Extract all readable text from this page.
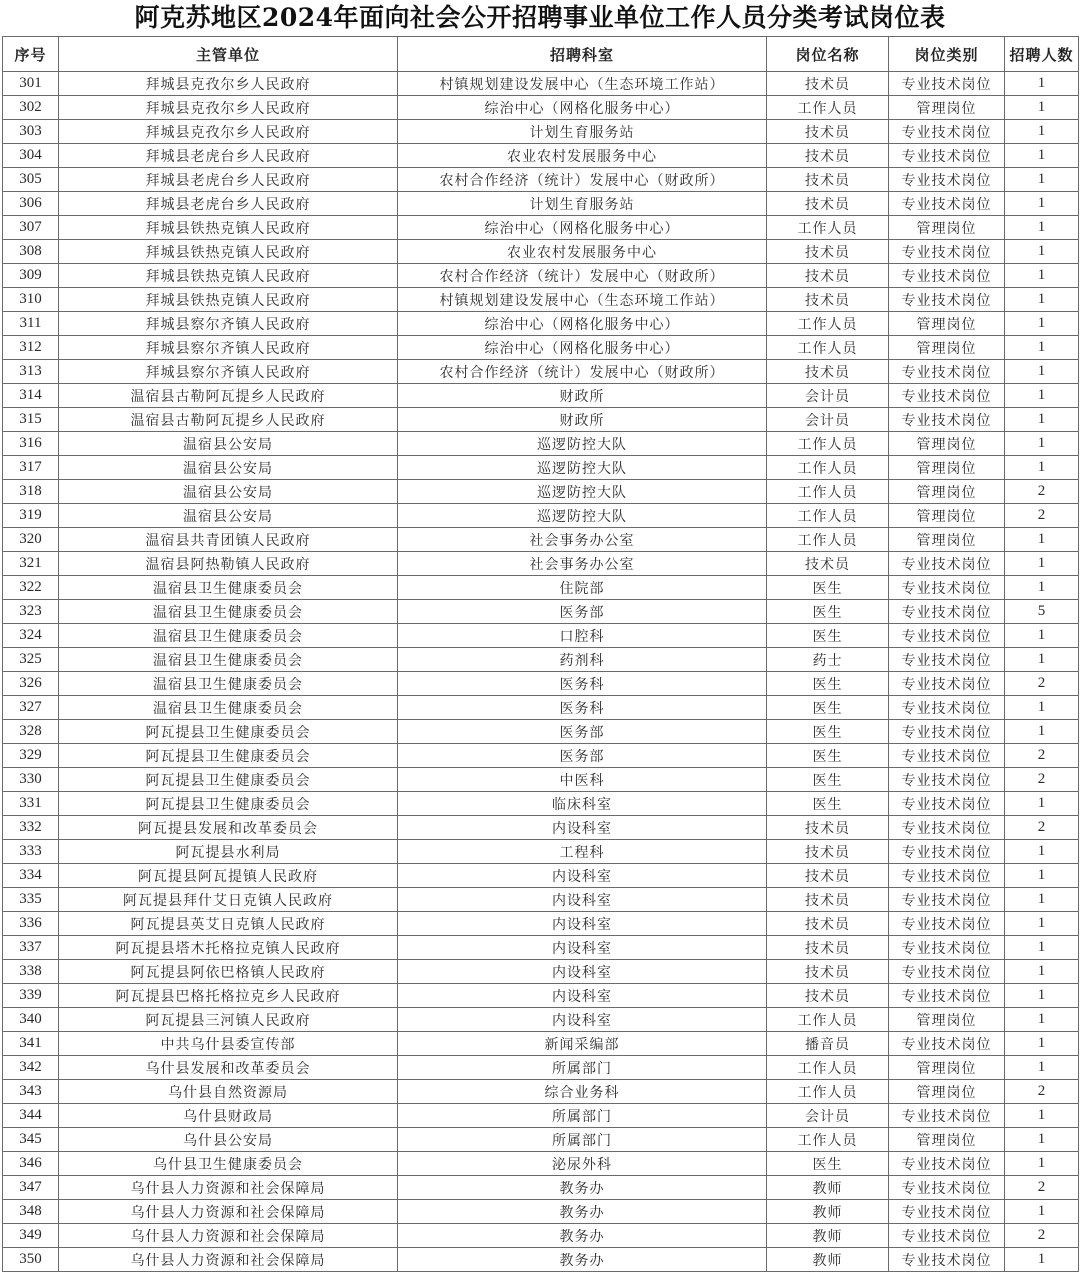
阿克苏地区2024年面向社会公开招聘事业单位工作人员分类考试岗位表
序号	主管单位	招聘科室	岗位名称	岗位类别	招聘人数
301	拜城县克孜尔乡人民政府	村镇规划建设发展中心（生态环境工作站）	技术员	专业技术岗位	1
302	拜城县克孜尔乡人民政府	综治中心（网格化服务中心）	工作人员	管理岗位	1
303	拜城县克孜尔乡人民政府	计划生育服务站	技术员	专业技术岗位	1
304	拜城县老虎台乡人民政府	农业农村发展服务中心	技术员	专业技术岗位	1
305	拜城县老虎台乡人民政府	农村合作经济（统计）发展中心（财政所）	技术员	专业技术岗位	1
306	拜城县老虎台乡人民政府	计划生育服务站	技术员	专业技术岗位	1
307	拜城县铁热克镇人民政府	综治中心（网格化服务中心）	工作人员	管理岗位	1
308	拜城县铁热克镇人民政府	农业农村发展服务中心	技术员	专业技术岗位	1
309	拜城县铁热克镇人民政府	农村合作经济（统计）发展中心（财政所）	技术员	专业技术岗位	1
310	拜城县铁热克镇人民政府	村镇规划建设发展中心（生态环境工作站）	技术员	专业技术岗位	1
311	拜城县察尔齐镇人民政府	综治中心（网格化服务中心）	工作人员	管理岗位	1
312	拜城县察尔齐镇人民政府	综治中心（网格化服务中心）	工作人员	管理岗位	1
313	拜城县察尔齐镇人民政府	农村合作经济（统计）发展中心（财政所）	技术员	专业技术岗位	1
314	温宿县古勒阿瓦提乡人民政府	财政所	会计员	专业技术岗位	1
315	温宿县古勒阿瓦提乡人民政府	财政所	会计员	专业技术岗位	1
316	温宿县公安局	巡逻防控大队	工作人员	管理岗位	1
317	温宿县公安局	巡逻防控大队	工作人员	管理岗位	1
318	温宿县公安局	巡逻防控大队	工作人员	管理岗位	2
319	温宿县公安局	巡逻防控大队	工作人员	管理岗位	2
320	温宿县共青团镇人民政府	社会事务办公室	工作人员	管理岗位	1
321	温宿县阿热勒镇人民政府	社会事务办公室	技术员	专业技术岗位	1
322	温宿县卫生健康委员会	住院部	医生	专业技术岗位	1
323	温宿县卫生健康委员会	医务部	医生	专业技术岗位	5
324	温宿县卫生健康委员会	口腔科	医生	专业技术岗位	1
325	温宿县卫生健康委员会	药剂科	药士	专业技术岗位	1
326	温宿县卫生健康委员会	医务科	医生	专业技术岗位	2
327	温宿县卫生健康委员会	医务科	医生	专业技术岗位	1
328	阿瓦提县卫生健康委员会	医务部	医生	专业技术岗位	1
329	阿瓦提县卫生健康委员会	医务部	医生	专业技术岗位	2
330	阿瓦提县卫生健康委员会	中医科	医生	专业技术岗位	2
331	阿瓦提县卫生健康委员会	临床科室	医生	专业技术岗位	1
332	阿瓦提县发展和改革委员会	内设科室	技术员	专业技术岗位	2
333	阿瓦提县水利局	工程科	技术员	专业技术岗位	1
334	阿瓦提县阿瓦提镇人民政府	内设科室	技术员	专业技术岗位	1
335	阿瓦提县拜什艾日克镇人民政府	内设科室	技术员	专业技术岗位	1
336	阿瓦提县英艾日克镇人民政府	内设科室	技术员	专业技术岗位	1
337	阿瓦提县塔木托格拉克镇人民政府	内设科室	技术员	专业技术岗位	1
338	阿瓦提县阿依巴格镇人民政府	内设科室	技术员	专业技术岗位	1
339	阿瓦提县巴格托格拉克乡人民政府	内设科室	技术员	专业技术岗位	1
340	阿瓦提县三河镇人民政府	内设科室	工作人员	管理岗位	1
341	中共乌什县委宣传部	新闻采编部	播音员	专业技术岗位	1
342	乌什县发展和改革委员会	所属部门	工作人员	管理岗位	1
343	乌什县自然资源局	综合业务科	工作人员	管理岗位	2
344	乌什县财政局	所属部门	会计员	专业技术岗位	1
345	乌什县公安局	所属部门	工作人员	管理岗位	1
346	乌什县卫生健康委员会	泌尿外科	医生	专业技术岗位	1
347	乌什县人力资源和社会保障局	教务办	教师	专业技术岗位	2
348	乌什县人力资源和社会保障局	教务办	教师	专业技术岗位	1
349	乌什县人力资源和社会保障局	教务办	教师	专业技术岗位	2
350	乌什县人力资源和社会保障局	教务办	教师	专业技术岗位	1
